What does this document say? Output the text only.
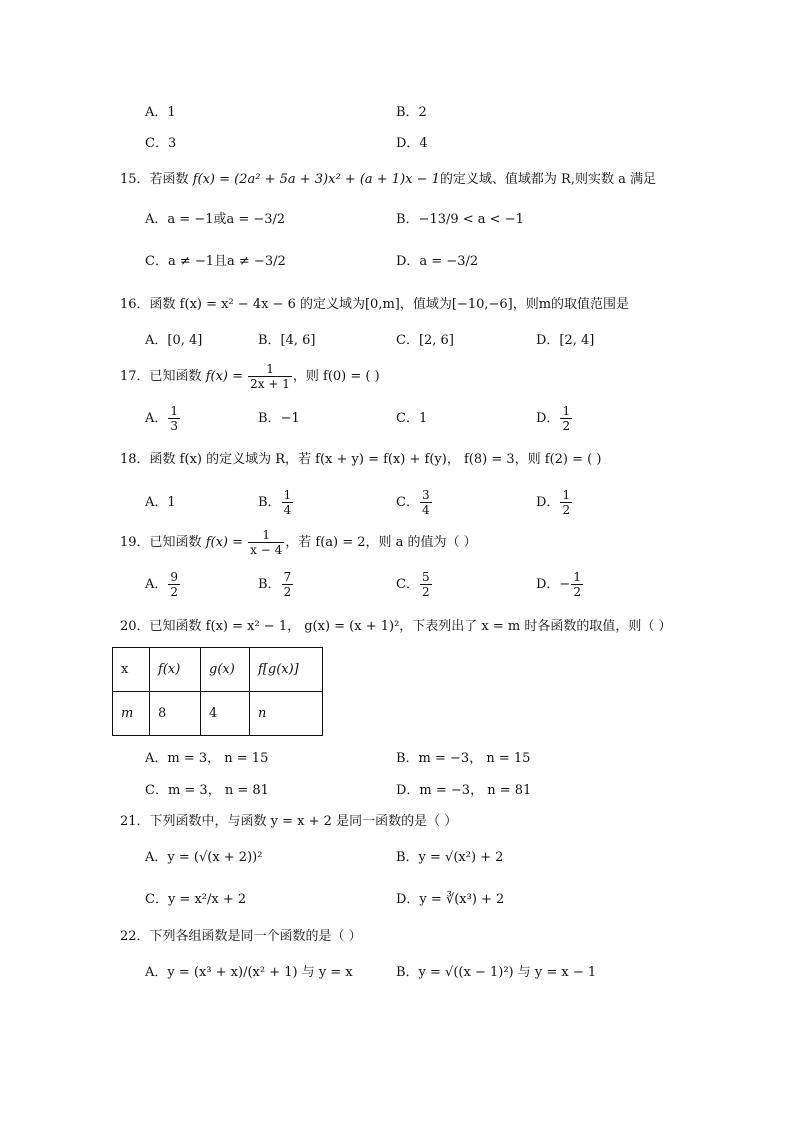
A．1	B．2
C．3	D．4
15．若函数 f(x) = (2a² + 5a + 3)x² + (a + 1)x − 1的定义域、值域都为 R,则实数 a 满足
A．a = −1或a = −3/2	B．−13/9 < a < −1
C．a ≠ −1且a ≠ −3/2	D．a = −3/2
16．函数 f(x) = x² − 4x − 6 的定义域为[0,m]，值域为[−10,−6]，则m的取值范围是
A．[0, 4]	B．[4, 6]	C．[2, 6]	D．[2, 4]
17．已知函数 $f(x) = \frac{1}{2x + 1}$ ，则 f(0) = ( )
A． $\frac{1}{3}$	B．−1	C．1	D． $\frac{1}{2}$
18．函数 f(x) 的定义域为 R，若 f(x + y) = f(x) + f(y)， f(8) = 3，则 f(2) = ( )
A．1	B． $\frac{1}{4}$	C． $\frac{3}{4}$	D． $\frac{1}{2}$
19．已知函数 $f(x) = \frac{1}{x - 4}$ ，若 f(a) = 2，则 a 的值为（ ）
A． $\frac{9}{2}$	B． $\frac{7}{2}$	C． $\frac{5}{2}$	D．− $\frac{1}{2}$
20．已知函数 f(x) = x² − 1， g(x) = (x + 1)²，下表列出了 x = m 时各函数的取值，则（ ）
x	f(x)	g(x)	f[g(x)]
m	8	4	n
A．m = 3， n = 15	B．m = −3， n = 15
C．m = 3， n = 81	D．m = −3， n = 81
21．下列函数中，与函数 y = x + 2 是同一函数的是（ ）
A．y = (√(x + 2))²	B．y = √(x²) + 2
C．y = x²/x + 2	D．y = ∛(x³) + 2
22．下列各组函数是同一个函数的是（ ）
A．y = (x³ + x)/(x² + 1) 与 y = x	B．y = √((x − 1)²) 与 y = x − 1
